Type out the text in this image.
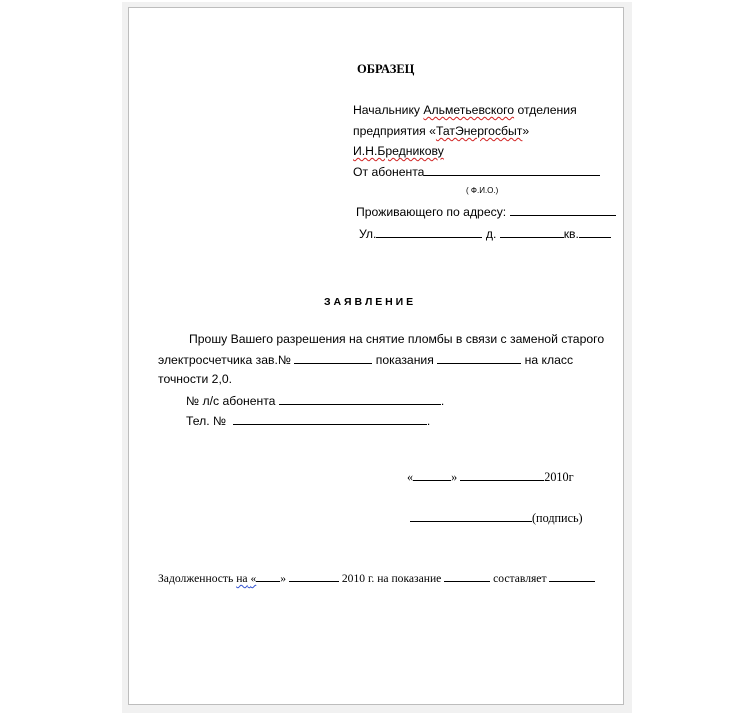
ОБРАЗЕЦ
Начальнику Альметьевского отделения
предприятия «ТатЭнергосбыт»
И.Н.Бредникову
От абонента
( Ф.И.О.)
Проживающего по адресу:
Ул.	д.	кв.
З А Я В Л Е Н И Е
Прошу Вашего разрешения на снятие пломбы в связи с заменой старого
электросчетчика зав.№	показания	на класс
точности 2,0.
№ л/с абонента	.
Тел. №	.
«	»	2010г
(подпись)
Задолженность на « »	2010 г. на показание	составляет
